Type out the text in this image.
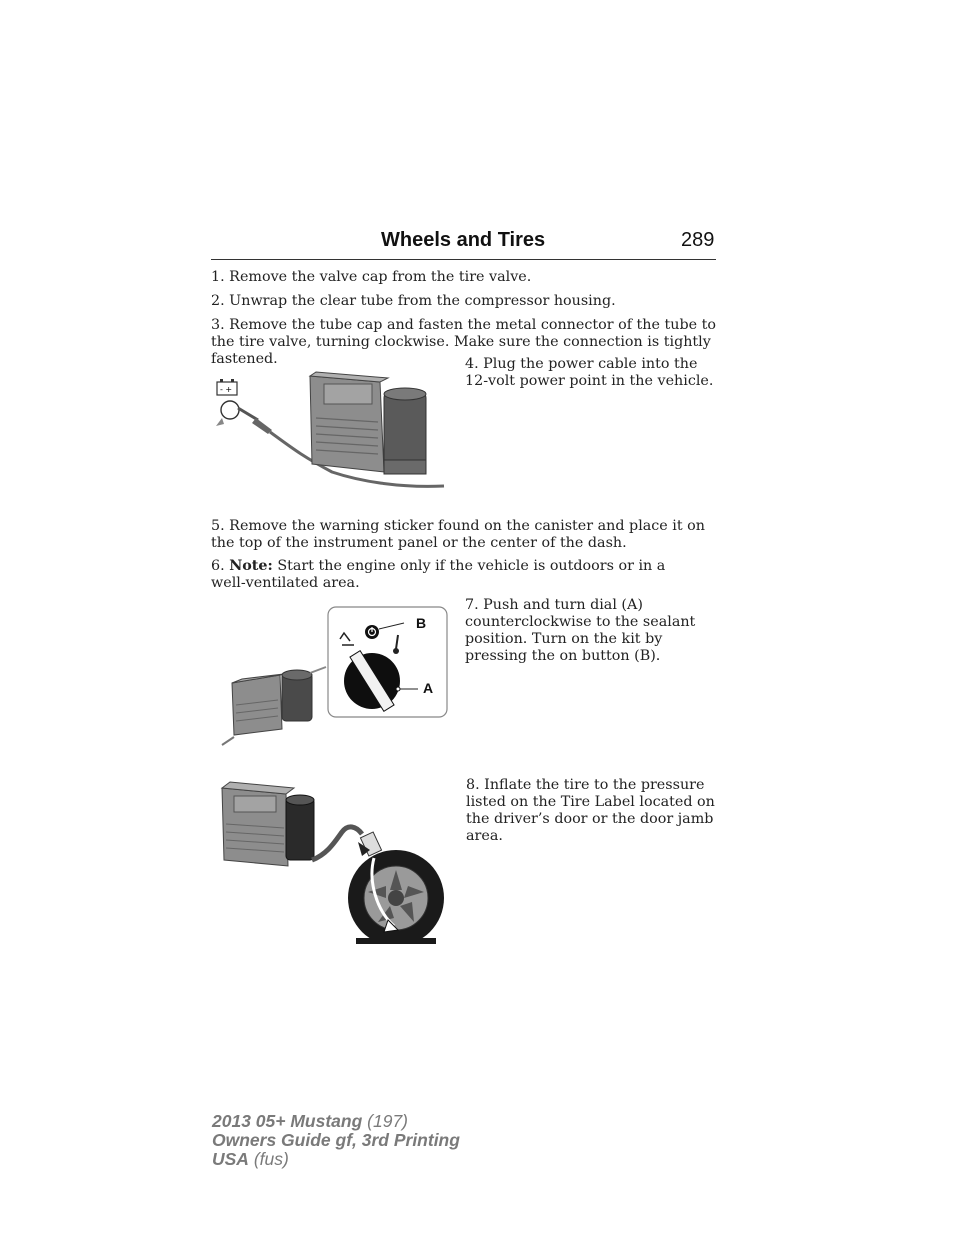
Wheels and Tires	289
1. Remove the valve cap from the tire valve.
2. Unwrap the clear tube from the compressor housing.
3. Remove the tube cap and fasten the metal connector of the tube to the tire valve, turning clockwise. Make sure the connection is tightly fastened.
- +
4. Plug the power cable into the 12-volt power point in the vehicle.
5. Remove the warning sticker found on the canister and place it on the top of the instrument panel or the center of the dash.
6. Note: Start the engine only if the vehicle is outdoors or in a well-ventilated area.
B
A
7. Push and turn dial (A) counterclockwise to the sealant position. Turn on the kit by pressing the on button (B).
8. Inflate the tire to the pressure listed on the Tire Label located on the driver’s door or the door jamb area.
2013 05+ Mustang (197)
Owners Guide gf, 3rd Printing
USA (fus)
